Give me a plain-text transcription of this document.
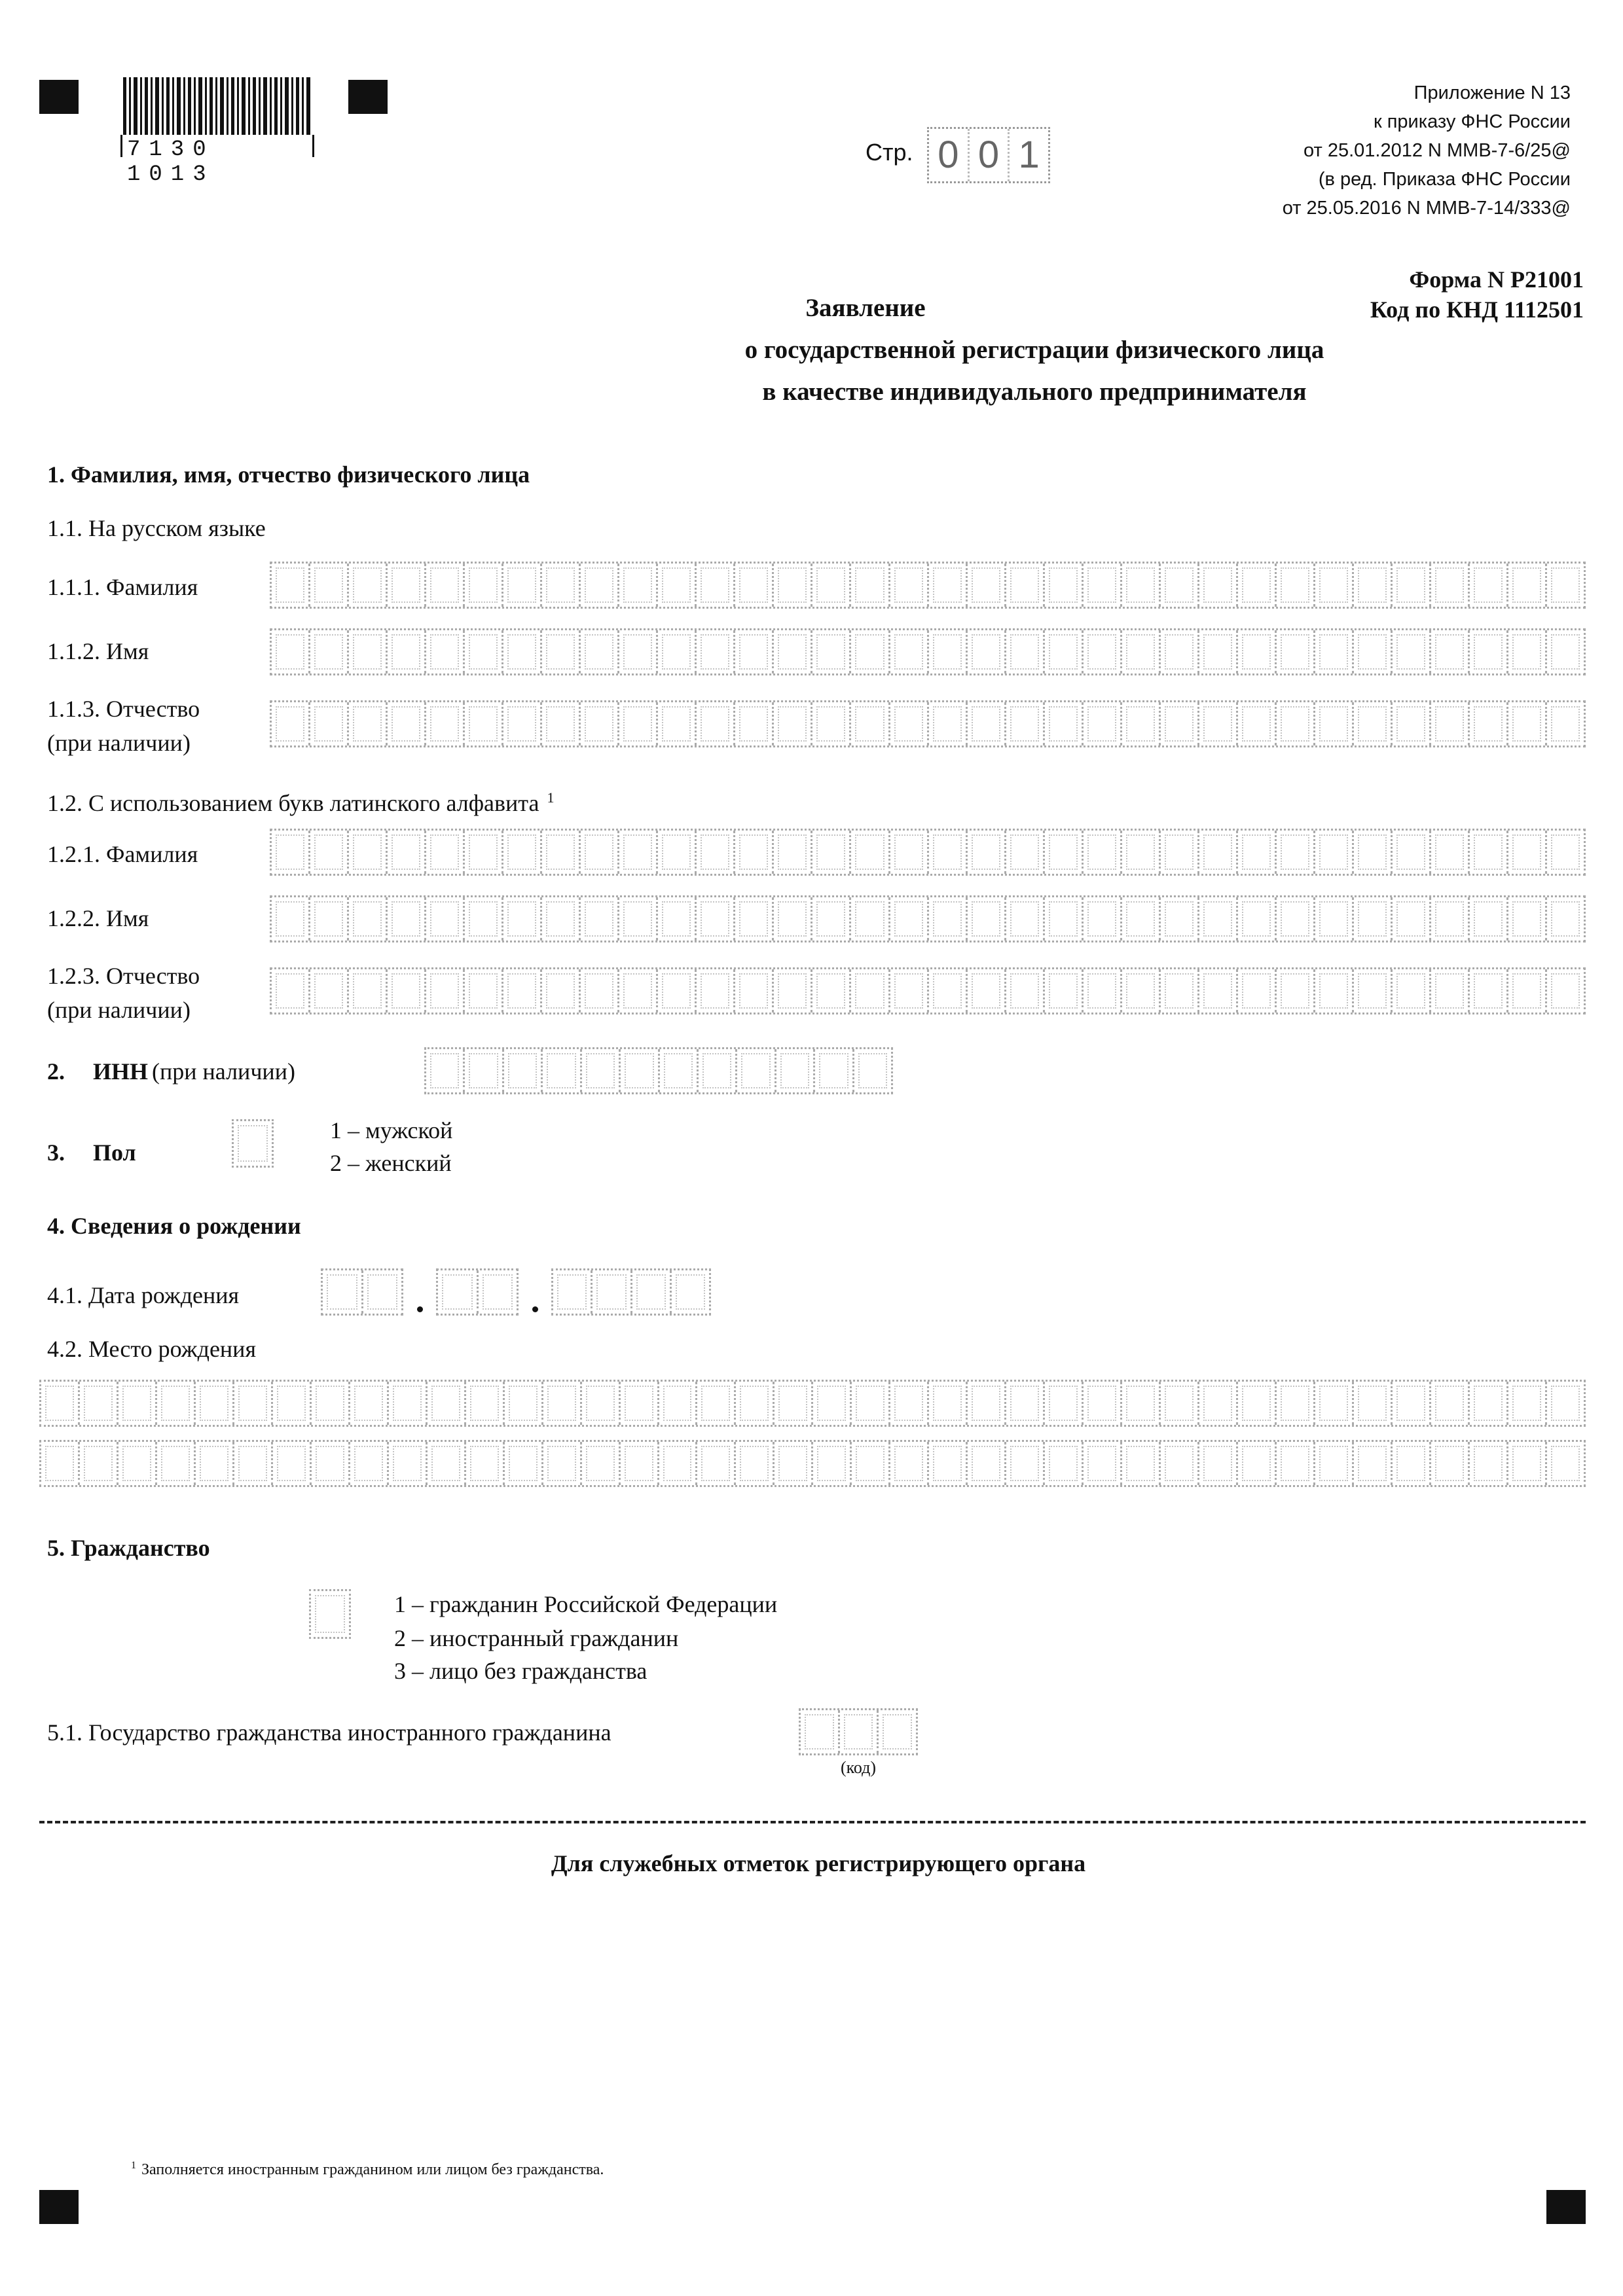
7130 1013
Стр. 0 0 1
Приложение N 13
к приказу ФНС России
от 25.01.2012 N ММВ-7-6/25@
(в ред. Приказа ФНС России
от 25.05.2016 N ММВ-7-14/333@
Форма N Р21001
Код по КНД 1112501
Заявление
о государственной регистрации физического лица
в качестве индивидуального предпринимателя
1. Фамилия, имя, отчество физического лица
1.1. На русском языке
1.1.1. Фамилия
1.1.2. Имя
1.1.3. Отчество
(при наличии)
1.2. С использованием букв латинского алфавита $^1$
1.2.1. Фамилия
1.2.2. Имя
1.2.3. Отчество
(при наличии)
2. ИНН (при наличии)
3.	Пол
1 – мужской
2 – женский
4. Сведения о рождении
4.1. Дата рождения
4.2. Место рождения
5. Гражданство
1 – гражданин Российской Федерации
2 – иностранный гражданин
3 – лицо без гражданства
5.1. Государство гражданства иностранного гражданина
(код)
Для служебных отметок регистрирующего органа
$^1$ Заполняется иностранным гражданином или лицом без гражданства.
